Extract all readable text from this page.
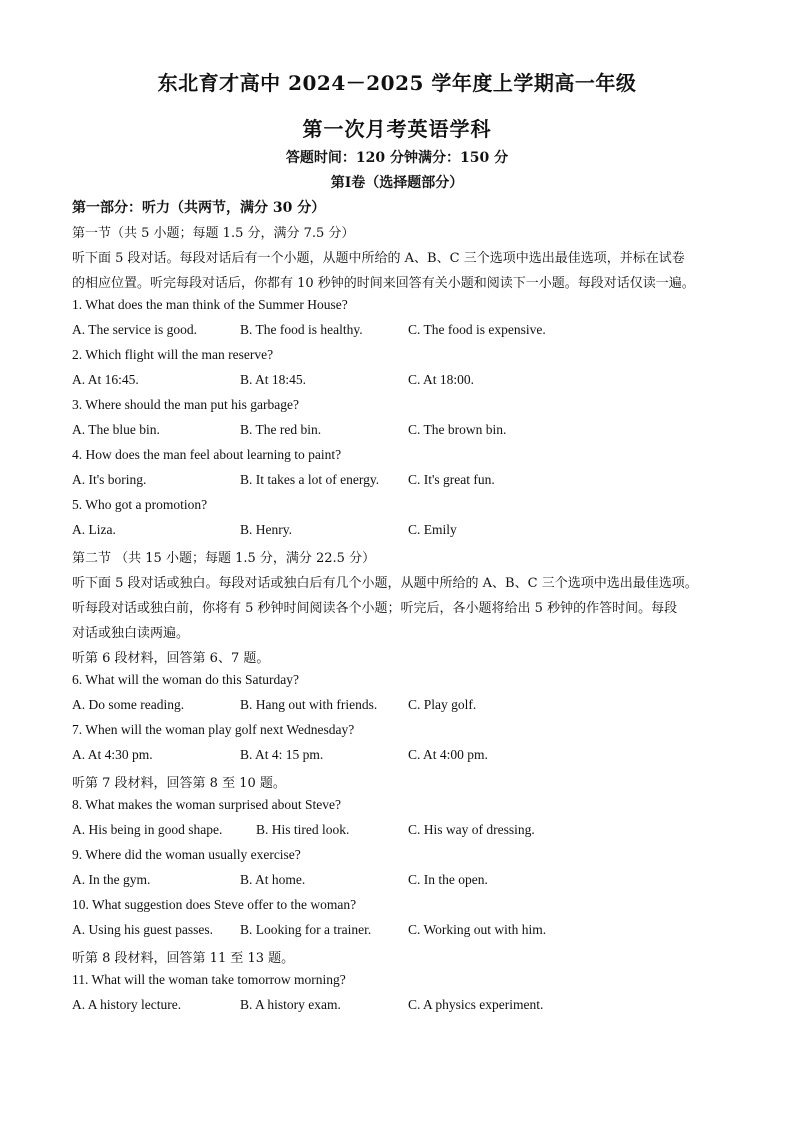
东北育才高中 2024－2025 学年度上学期高一年级
第一次月考英语学科
答题时间：120 分钟满分：150 分
第Ⅰ卷（选择题部分）
第一部分：听力（共两节，满分 30 分）
第一节（共 5 小题；每题 1.5 分，满分 7.5 分）
听下面 5 段对话。每段对话后有一个小题，从题中所给的 A、B、C 三个选项中选出最佳选项，并标在试卷
的相应位置。听完每段对话后，你都有 10 秒钟的时间来回答有关小题和阅读下一小题。每段对话仅读一遍。
1. What does the man think of the Summer House?
A. The service is good.	B. The food is healthy.	C. The food is expensive.
2. Which flight will the man reserve?
A. At 16:45.	B. At 18:45.	C. At 18:00.
3. Where should the man put his garbage?
A. The blue bin.	B. The red bin.	C. The brown bin.
4. How does the man feel about learning to paint?
A. It's boring.	B. It takes a lot of energy. C. It's great fun.
5. Who got a promotion?
A. Liza.	B. Henry.	C. Emily
第二节 （共 15 小题；每题 1.5 分，满分 22.5 分）
听下面 5 段对话或独白。每段对话或独白后有几个小题，从题中所给的 A、B、C 三个选项中选出最佳选项。
听每段对话或独白前，你将有 5 秒钟时间阅读各个小题；听完后，各小题将给出 5 秒钟的作答时间。每段
对话或独白读两遍。
听第 6 段材料，回答第 6、7 题。
6. What will the woman do this Saturday?
A. Do some reading.	B. Hang out with friends. C. Play golf.
7. When will the woman play golf next Wednesday?
A. At 4:30 pm.	B. At 4: 15 pm.	C. At 4:00 pm.
听第 7 段材料，回答第 8 至 10 题。
8. What makes the woman surprised about Steve?
A. His being in good shape. B. His tired look.	C. His way of dressing.
9. Where did the woman usually exercise?
A. In the gym.	B. At home.	C. In the open.
10. What suggestion does Steve offer to the woman?
A. Using his guest passes. B. Looking for a trainer.	C. Working out with him.
听第 8 段材料，回答第 11 至 13 题。
11. What will the woman take tomorrow morning?
A. A history lecture.	B. A history exam.	C. A physics experiment.
